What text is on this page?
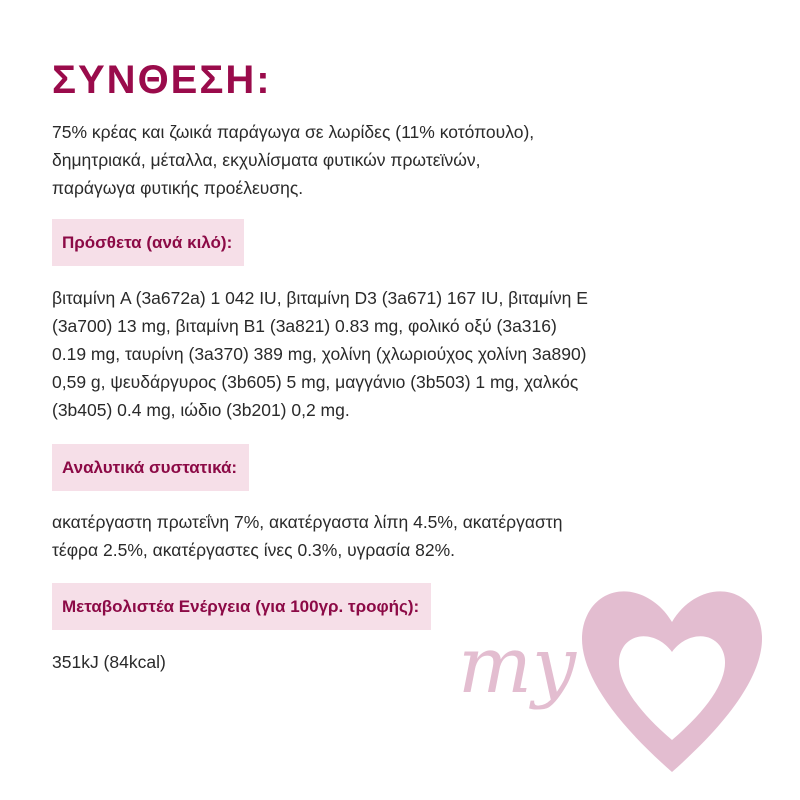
ΣΥΝΘΕΣΗ:
75% κρέας και ζωικά παράγωγα σε λωρίδες (11% κοτόπουλο),
δημητριακά, μέταλλα, εκχυλίσματα φυτικών πρωτεϊνών,
παράγωγα φυτικής προέλευσης.
Πρόσθετα (ανά κιλό):
βιταμίνη A (3a672a) 1 042 IU, βιταμίνη D3 (3a671) 167 IU, βιταμίνη E
(3a700) 13 mg, βιταμίνη B1 (3a821) 0.83 mg, φολικό οξύ (3a316)
0.19 mg, ταυρίνη (3a370) 389 mg, χολίνη (χλωριούχος χολίνη 3a890)
0,59 g, ψευδάργυρος (3b605) 5 mg, μαγγάνιο (3b503) 1 mg, χαλκός
(3b405) 0.4 mg, ιώδιο (3b201) 0,2 mg.
Αναλυτικά συστατικά:
ακατέργαστη πρωτεΐνη 7%, ακατέργαστα λίπη 4.5%, ακατέργαστη
τέφρα 2.5%, ακατέργαστες ίνες 0.3%, υγρασία 82%.
Μεταβολιστέα Ενέργεια (για 100γρ. τροφής):
351kJ (84kcal)	my
